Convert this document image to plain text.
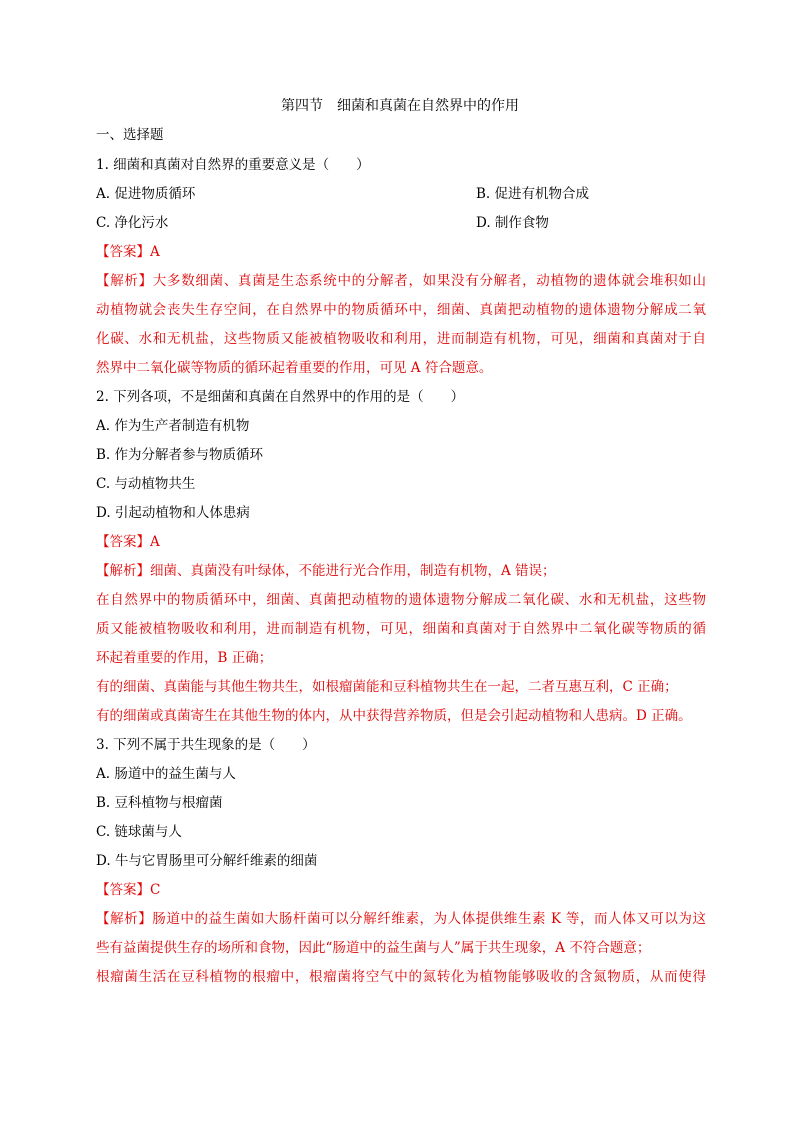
第四节　细菌和真菌在自然界中的作用
一、选择题
1. 细菌和真菌对自然界的重要意义是（　　）
A. 促进物质循环	B. 促进有机物合成
C. 净化污水	D. 制作食物
【答案】A
【解析】大多数细菌、真菌是生态系统中的分解者，如果没有分解者，动植物的遗体就会堆积如山
动植物就会丧失生存空间，在自然界中的物质循环中，细菌、真菌把动植物的遗体遗物分解成二氧
化碳、水和无机盐，这些物质又能被植物吸收和利用，进而制造有机物，可见，细菌和真菌对于自
然界中二氧化碳等物质的循环起着重要的作用，可见 A 符合题意。
2. 下列各项，不是细菌和真菌在自然界中的作用的是（　　）
A. 作为生产者制造有机物
B. 作为分解者参与物质循环
C. 与动植物共生
D. 引起动植物和人体患病
【答案】A
【解析】细菌、真菌没有叶绿体，不能进行光合作用，制造有机物，A 错误；
在自然界中的物质循环中，细菌、真菌把动植物的遗体遗物分解成二氧化碳、水和无机盐，这些物
质又能被植物吸收和利用，进而制造有机物，可见，细菌和真菌对于自然界中二氧化碳等物质的循
环起着重要的作用，B 正确；
有的细菌、真菌能与其他生物共生，如根瘤菌能和豆科植物共生在一起，二者互惠互利，C 正确；
有的细菌或真菌寄生在其他生物的体内，从中获得营养物质，但是会引起动植物和人患病。D 正确。
3. 下列不属于共生现象的是（　　）
A. 肠道中的益生菌与人
B. 豆科植物与根瘤菌
C. 链球菌与人
D. 牛与它胃肠里可分解纤维素的细菌
【答案】C
【解析】肠道中的益生菌如大肠杆菌可以分解纤维素，为人体提供维生素 K 等，而人体又可以为这
些有益菌提供生存的场所和食物，因此“肠道中的益生菌与人”属于共生现象，A 不符合题意；
根瘤菌生活在豆科植物的根瘤中，根瘤菌将空气中的氮转化为植物能够吸收的含氮物质，从而使得
